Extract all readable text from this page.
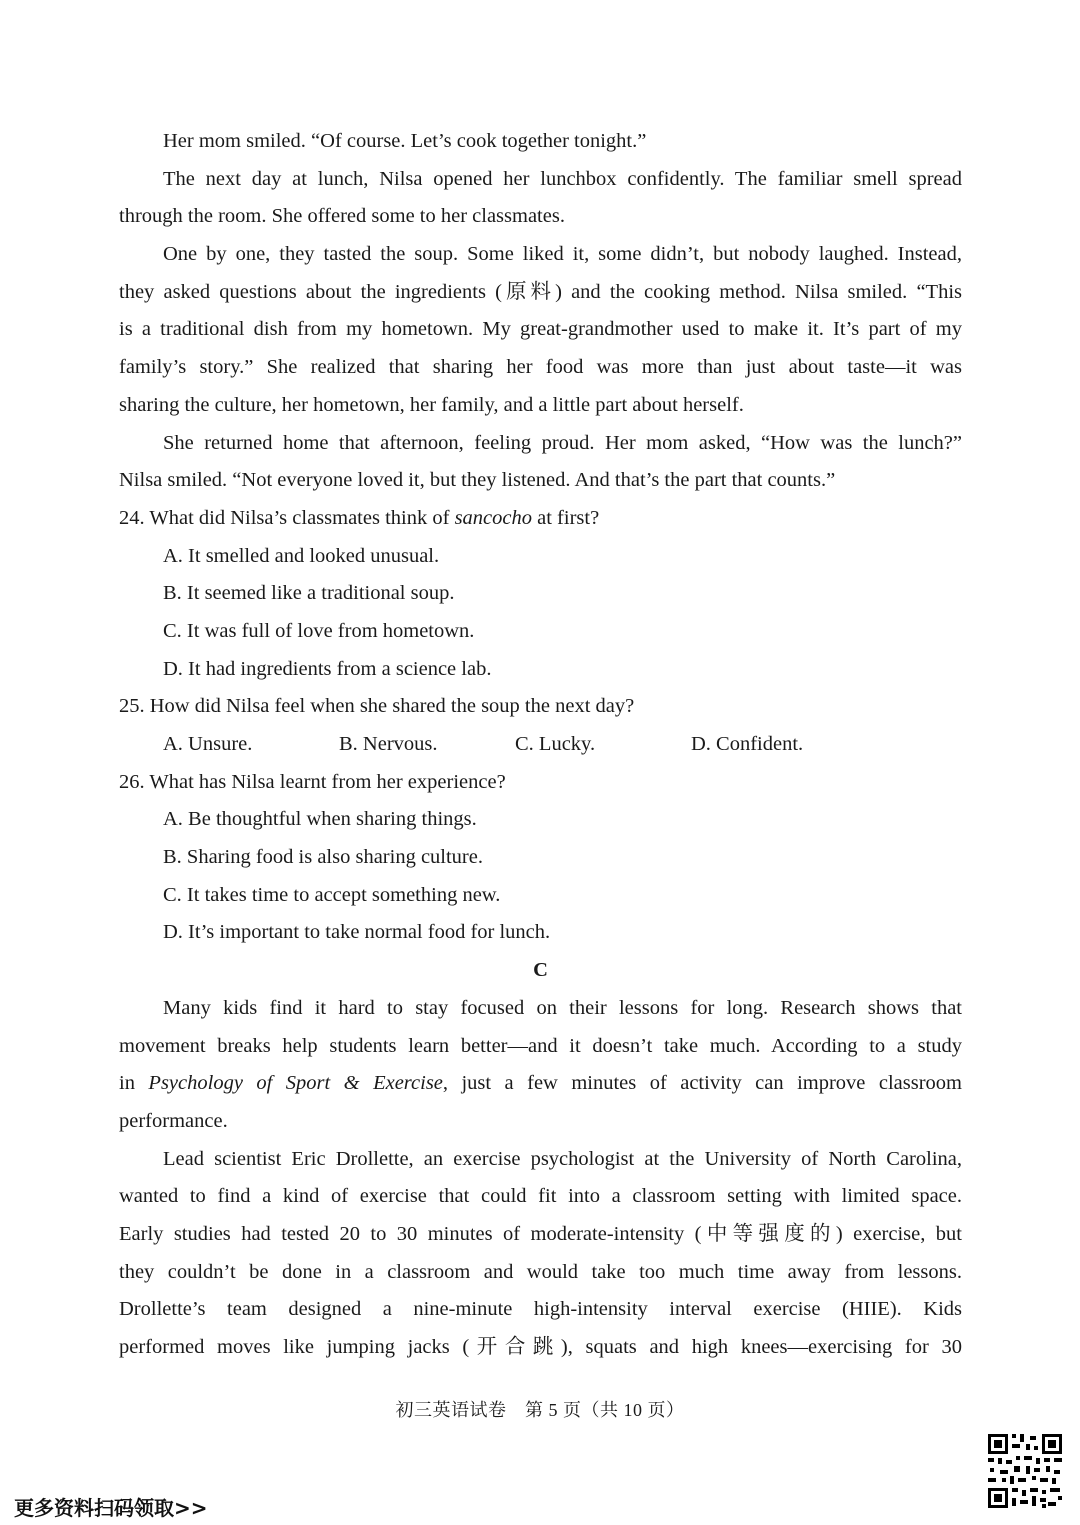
Her mom smiled. “Of course. Let’s cook together tonight.”
The next day at lunch, Nilsa opened her lunchbox confidently. The familiar smell spread
through the room. She offered some to her classmates.
One by one, they tasted the soup. Some liked it, some didn’t, but nobody laughed. Instead,
they asked questions about the ingredients (原料) and the cooking method. Nilsa smiled. “This
is a traditional dish from my hometown. My great-grandmother used to make it. It’s part of my
family’s story.” She realized that sharing her food was more than just about taste—it was
sharing the culture, her hometown, her family, and a little part about herself.
She returned home that afternoon, feeling proud. Her mom asked, “How was the lunch?”
Nilsa smiled. “Not everyone loved it, but they listened. And that’s the part that counts.”
24. What did Nilsa’s classmates think of sancocho at first?
A. It smelled and looked unusual.
B. It seemed like a traditional soup.
C. It was full of love from hometown.
D. It had ingredients from a science lab.
25. How did Nilsa feel when she shared the soup the next day?
A. Unsure.	B. Nervous.	C. Lucky.	D. Confident.
26. What has Nilsa learnt from her experience?
A. Be thoughtful when sharing things.
B. Sharing food is also sharing culture.
C. It takes time to accept something new.
D. It’s important to take normal food for lunch.
C
Many kids find it hard to stay focused on their lessons for long. Research shows that
movement breaks help students learn better—and it doesn’t take much. According to a study
in Psychology of Sport & Exercise, just a few minutes of activity can improve classroom
performance.
Lead scientist Eric Drollette, an exercise psychologist at the University of North Carolina,
wanted to find a kind of exercise that could fit into a classroom setting with limited space.
Early studies had tested 20 to 30 minutes of moderate-intensity (中等强度的) exercise, but
they couldn’t be done in a classroom and would take too much time away from lessons.
Drollette’s team designed a nine-minute high-intensity interval exercise (HIIE). Kids
performed moves like jumping jacks (开合跳), squats and high knees—exercising for 30
初三英语试卷　第 5 页（共 10 页）
更多资料扫码领取>>
